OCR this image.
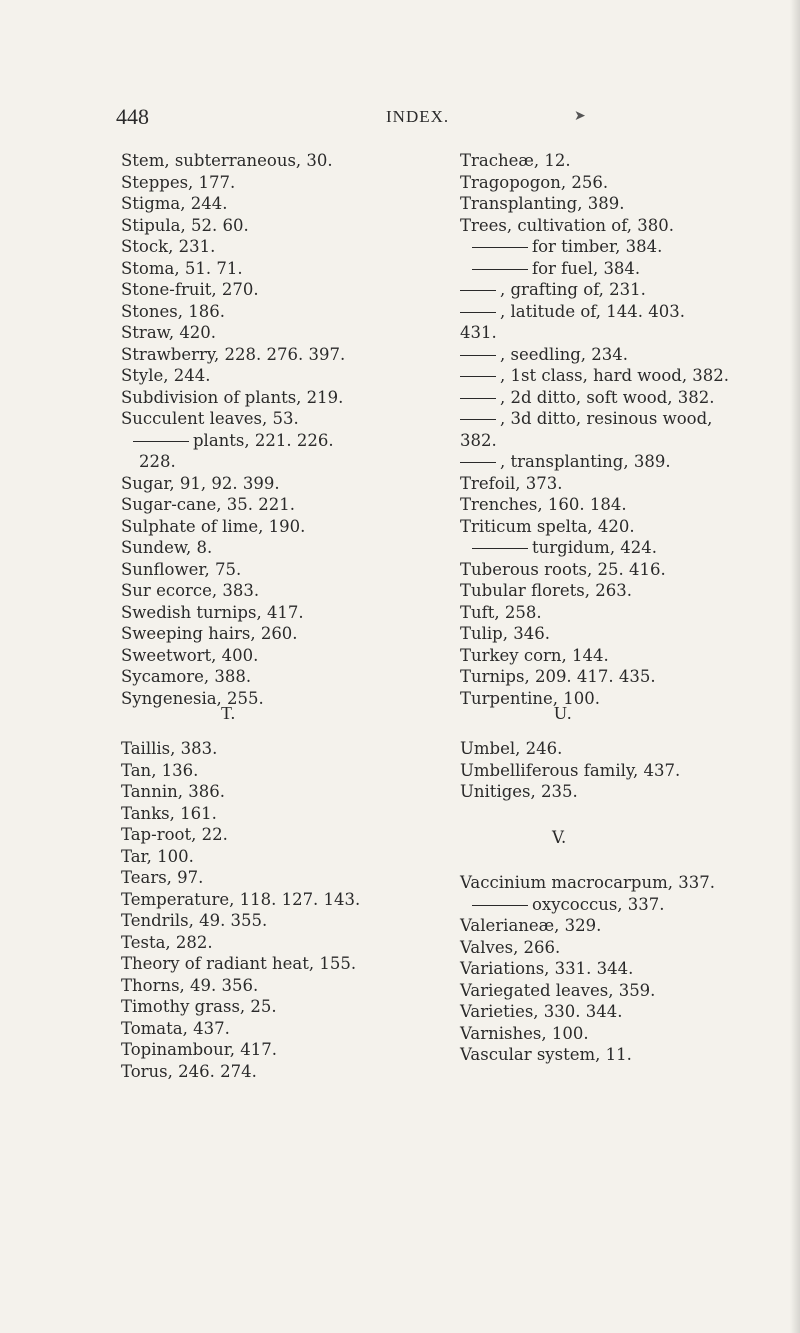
448	INDEX.	➤
Stem, subterraneous, 30.
Steppes, 177.
Stigma, 244.
Stipula, 52. 60.
Stock, 231.
Stoma, 51. 71.
Stone-fruit, 270.
Stones, 186.
Straw, 420.
Strawberry, 228. 276. 397.
Style, 244.
Subdivision of plants, 219.
Succulent leaves, 53.
plants, 221. 226.
228.
Sugar, 91, 92. 399.
Sugar-cane, 35. 221.
Sulphate of lime, 190.
Sundew, 8.
Sunflower, 75.
Sur ecorce, 383.
Swedish turnips, 417.
Sweeping hairs, 260.
Sweetwort, 400.
Sycamore, 388.
Syngenesia, 255.
Tracheæ, 12.
Tragopogon, 256.
Transplanting, 389.
Trees, cultivation of, 380.
for timber, 384.
for fuel, 384.
, grafting of, 231.
, latitude of, 144. 403.
431.
, seedling, 234.
, 1st class, hard wood, 382.
, 2d ditto, soft wood, 382.
, 3d ditto, resinous wood,
382.
, transplanting, 389.
Trefoil, 373.
Trenches, 160. 184.
Triticum spelta, 420.
turgidum, 424.
Tuberous roots, 25. 416.
Tubular florets, 263.
Tuft, 258.
Tulip, 346.
Turkey corn, 144.
Turnips, 209. 417. 435.
Turpentine, 100.
T.	U.
Taillis, 383.
Tan, 136.
Tannin, 386.
Tanks, 161.
Tap-root, 22.
Tar, 100.
Tears, 97.
Temperature, 118. 127. 143.
Tendrils, 49. 355.
Testa, 282.
Theory of radiant heat, 155.
Thorns, 49. 356.
Timothy grass, 25.
Tomata, 437.
Topinambour, 417.
Torus, 246. 274.
Umbel, 246.
Umbelliferous family, 437.
Unitiges, 235.
V.
Vaccinium macrocarpum, 337.
oxycoccus, 337.
Valerianeæ, 329.
Valves, 266.
Variations, 331. 344.
Variegated leaves, 359.
Varieties, 330. 344.
Varnishes, 100.
Vascular system, 11.
